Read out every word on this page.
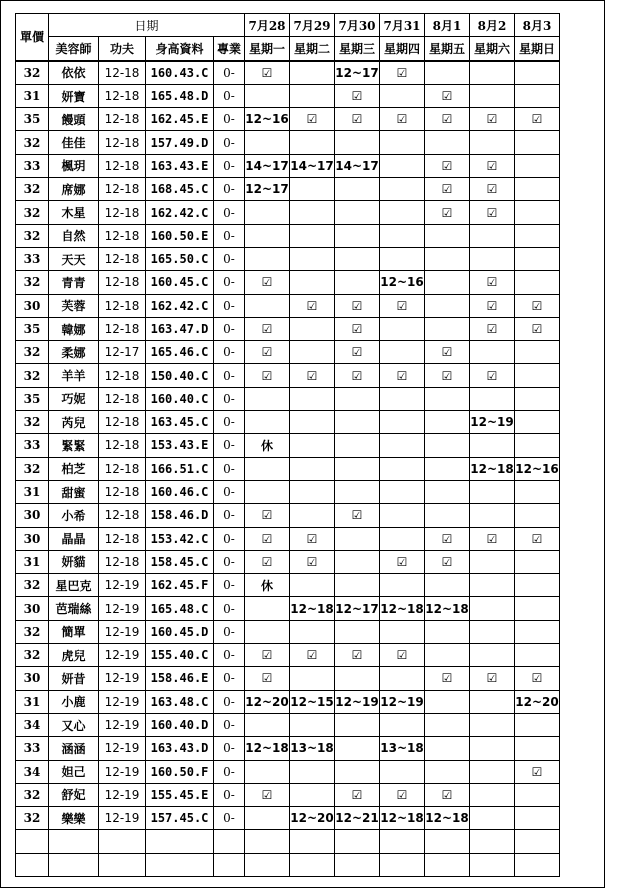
單價	日期				7月28	7月29	7月30	7月31	8月1	8月2	8月3
	美容師	功夫	身高資料	專業	星期一	星期二	星期三	星期四	星期五	星期六	星期日
32	依依	12-18	160.43.C	0-	☑		12~17	☑			
31	妍寶	12-18	165.48.D	0-			☑		☑		
35	饅頭	12-18	162.45.E	0-	12~16	☑	☑	☑	☑	☑	☑
32	佳佳	12-18	157.49.D	0-							
33	楓玥	12-18	163.43.E	0-	14~17	14~17	14~17		☑	☑	
32	席娜	12-18	168.45.C	0-	12~17				☑	☑	
32	木星	12-18	162.42.C	0-					☑	☑	
32	自然	12-18	160.50.E	0-							
33	天天	12-18	165.50.C	0-							
32	青青	12-18	160.45.C	0-	☑			12~16		☑	
30	芙蓉	12-18	162.42.C	0-		☑	☑	☑		☑	☑
35	韓娜	12-18	163.47.D	0-	☑		☑			☑	☑
32	柔娜	12-17	165.46.C	0-	☑		☑		☑		
32	羊羊	12-18	150.40.C	0-	☑	☑	☑	☑	☑	☑	
35	巧妮	12-18	160.40.C	0-							
32	芮兒	12-18	163.45.C	0-						12~19	
33	緊緊	12-18	153.43.E	0-	休						
32	柏芝	12-18	166.51.C	0-						12~18	12~16
31	甜蜜	12-18	160.46.C	0-							
30	小希	12-18	158.46.D	0-	☑		☑				
30	晶晶	12-18	153.42.C	0-	☑	☑			☑	☑	☑
31	妍貓	12-18	158.45.C	0-	☑	☑		☑	☑		
32	星巴克	12-19	162.45.F	0-	休						
30	芭瑞絲	12-19	165.48.C	0-		12~18	12~17	12~18	12~18		
32	簡單	12-19	160.45.D	0-							
32	虎兒	12-19	155.40.C	0-	☑	☑	☑	☑			
30	妍昔	12-19	158.46.E	0-	☑				☑	☑	☑
31	小鹿	12-19	163.48.C	0-	12~20	12~15	12~19	12~19			12~20
34	又心	12-19	160.40.D	0-							
33	涵涵	12-19	163.43.D	0-	12~18	13~18		13~18			
34	妲己	12-19	160.50.F	0-							☑
32	舒妃	12-19	155.45.E	0-	☑		☑	☑	☑		
32	樂樂	12-19	157.45.C	0-		12~20	12~21	12~18	12~18		
